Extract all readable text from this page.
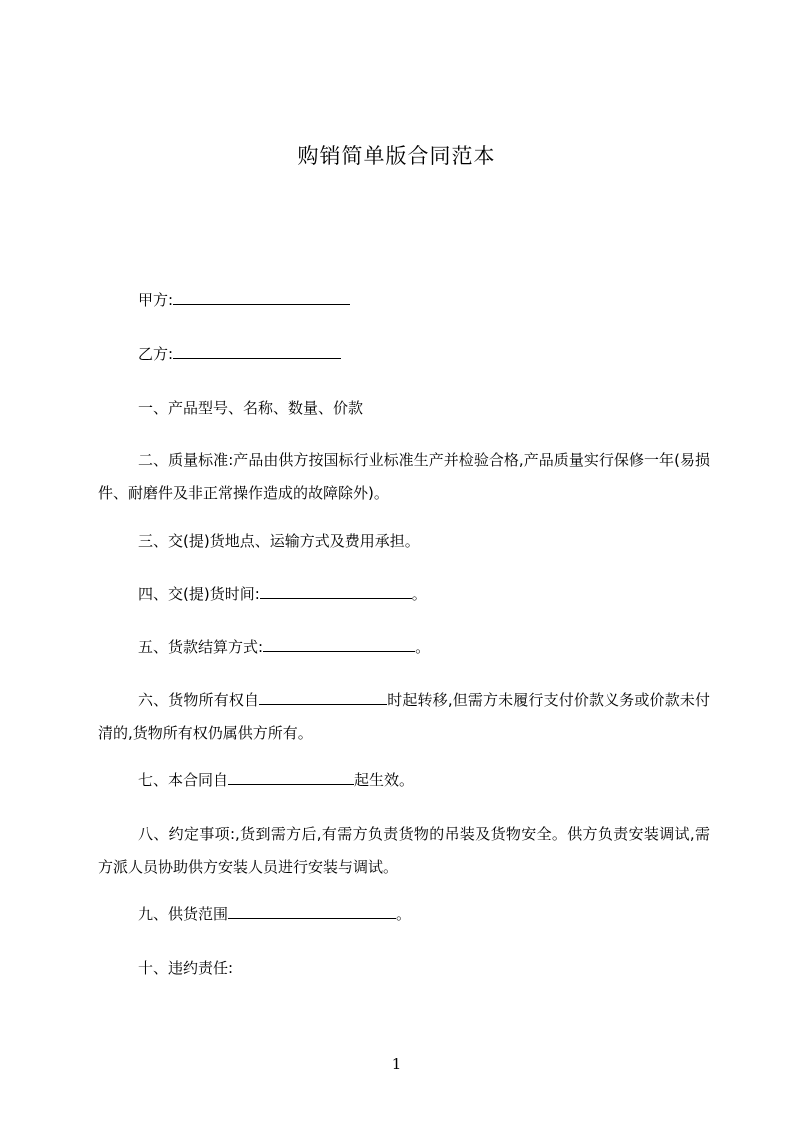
购销简单版合同范本
甲方:
乙方:
一、产品型号、名称、数量、价款
二、质量标准:产品由供方按国标行业标准生产并检验合格,产品质量实行保修一年(易损件、耐磨件及非正常操作造成的故障除外)。
三、交(提)货地点、运输方式及费用承担。
四、交(提)货时间:	。
五、货款结算方式:	。
六、货物所有权自	时起转移,但需方未履行支付价款义务或价款未付清的,货物所有权仍属供方所有。
七、本合同自	起生效。
八、约定事项:,货到需方后,有需方负责货物的吊装及货物安全。供方负责安装调试,需方派人员协助供方安装人员进行安装与调试。
九、供货范围	。
十、违约责任:
1
